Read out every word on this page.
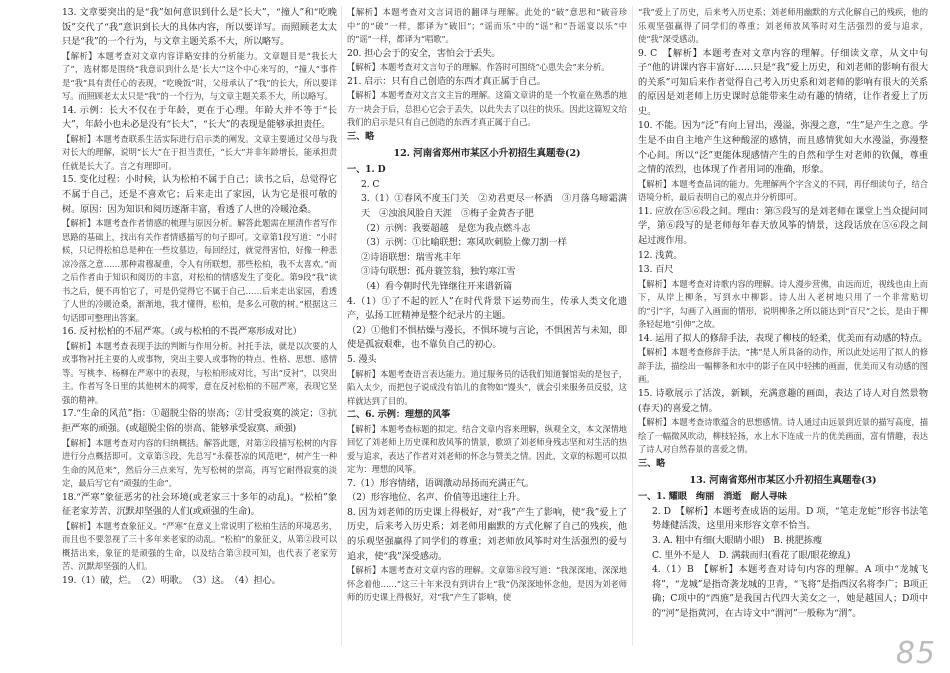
13. 文章要突出的是“我”如何意识到什么是“长大”，“撞人”和“吃晚饭”交代了“我”意识到长大的具体内容，所以要详写。而照顾老太太只是“我”的一个行为，与文章主题关系不大，所以略写。

【解析】本题考查对文章内容详略安排的分析能力。文章题目是“我长大了”，选材都是围绕“我意识到什么是‘长大’”这个中心来写的，“撞人”事件是“我”具有责任心的表现，“吃晚饭”时，父母承认了“我”的长大，所以要详写。而照顾老太太只是“我”的一个行为，与文章主题关系不大，所以略写。

14. 示例：长大不仅在于年龄，更在于心理。年龄大并不等于“长大”，年龄小也未必是没有“长大”，“长大”的表现是能够承担责任。

【解析】本题考查联系生活实际进行启示类的阐发。文章主要通过父母与我对长大的理解，说明“长大”在于担当责任，“长大”并非年龄增长，能承担责任就是长大了。言之有理即可。

15. 变化过程：小时候，认为松柏不属于自己；读书之后，总觉得它不属于自己，还是不喜欢它；后来走出了家园，认为它是很可敬的树。原因：因为知识和阅历逐渐丰富，看透了人世的冷暖沧桑。

【解析】本题考查作者情感的梳理与原因分析。解答此题需在厘清作者写作思路的基础上，找出有关作者情感描写的句子即可。文章第1段写道：“小时候，只记得松柏总是种在一些坟墓边，每回经过，就觉得害怕，好像一种悲凉冷落之意……那种肃穆凝重，令人有所联想，那些松柏，我不太喜欢。”而之后作者由于知识和阅历的丰富，对松柏的情感发生了变化。第9段“我”读书之后，便不再怕它了，可是仍觉得它不属于自己……后来走出家园，看透了人世的冷暖沧桑，渐渐地，我才懂得，松柏，是多么可敬的树。”根据这三句话即可整理出答案。

16. 反衬松柏的不屈严寒。（或与松柏的不畏严寒形成对比）

【解析】本题考查表现手法的判断与作用分析。衬托手法，就是以次要的人或事物衬托主要的人或事物，突出主要人或事物的特点、性格、思想、感情等。写桃李、杨柳在严寒中的表现，与松柏形成对比，写出“反衬”，以突出主。作者写冬日里的其他树木的凋零，意在反衬松柏的不屈严寒，表现它坚强的精神。

17.“生命的风范”指：①超脱尘俗的崇高；②甘受寂寞的淡定；③抗拒严寒的顽强。(或超脱尘俗的崇高、能够承受寂寞、顽强)

【解析】本题考查对内容的归纳概括。解答此题，对第②段描写松树的内容进行分点概括即可。文章第⑤段，先总写“永葆苍凉的风范吧”，树产生一种生命的风范来”，然后分三点来写，先写松树的崇高，再写它耐得寂寞的淡定，最后写它有“顽强的生命”。

18.“严寒”象征恶劣的社会环境(或老家三十多年的动乱)。“松柏”象征老家芳苦、沉默却坚强的人们(或顽强的生命)。

【解析】本题考查象征义。“严寒”在意义上常说明了松柏生活的环境恶劣，而且也不要忽视了三十多年来老家的动乱。“松柏”的象征义，从第②段可以概括出来，象征的是顽强的生命，以及结合第③段可知，也代表了老家劳苦、沉默却坚强的人们。

19.（1）破，烂。　（2）明歌。　（3）这。　（4）担心。

【解析】本题考查对文言词语的翻译与理解。此处的“破”意思和“破音珍中”的“破”一样，都译为“破旧”；“谣而乐”中的“谣”和“吾谣宴以乐”中的“谣”一样，都译为“唱歌”。

20. 担心会于的安全，害怕会于丢失。

【解析】本题考查对文言句子的理解。作答时可围绕“心患失会”来分析。

21. 启示：只有自己创造的东西才真正属于自己。

【解析】本题考查对文言文主旨的理解。这篇文章讲的是一个牧童在熟悉的地方一块会于后，总担心它会于丢失，以此失去了以往的快乐。因此这篇短文给我们的启示是只有自己创造的东西才真正属于自己。

三、略

12. 河南省郑州市某区小升初招生真题卷(2)

一、1. D

2. C

3.（1）①春风不度玉门关　②劝君更尽一杯酒　③月落乌啼霜满天　④浊浪风脸自天涯　⑤梅子金黄杏子肥

（2）示例：我要超越　是您为我点燃斗志

（3）示例：①比喻联想；寒风吹刺脸上像刀割一样

②诗语联想：瑞雪兆丰年

③诗句联想：孤舟蓑笠翁，独钓寒江雪

（4）看今朝时代先锋继往开来谱新篇

4.（1）①了不起的匠人”在时代背景下运势而生，传承人类文化遗产，弘扬工匠精神是整个纪录片的主题。

（2）①他们不惧枯燥与漫长，不惧环境与言论，不惧困苦与未知，即使是孤寂艰难，也不靠负自己的初心。

5. 漫头

【解析】本题考查语言表达能力。道过服务员的话我们知道餐馆卖的是包子，陷入太少，而把包子说成没有馅儿的食物如“馒头”，就会引来服务员反驳，这样就达到了目的。

二、6. 示例：理想的风筝

【解析】本题考查标题的拟定。结合文章内容来理解，纵观全文，本文深情地回忆了刘老师上历史课和放风筝的情景，歌颂了刘老师身残志坚和对生活的热爱与追求，表达了作者对刘老师的怀念与赞美之情。因此，文章的标题可以拟定为：理想的风筝。

7.（1）形容情绪，语调激动昂扬而充满正气。

（2）形容地位、名声、价值等迅速往上升。

8. 因为刘老师的历史课上得极好，对“我”产生了影响，使“我”爱上了历史，后来考入历史系；刘老师用幽默的方式化解了自己的残疾，他的乐观坚强赢得了同学们的尊重；刘老师放风筝时对生活强烈的爱与追求，使“我”深受感动。

【解析】本题考查对文章内容的理解。文章第⑧段写道：“我深深地，深深地怀念着他……”这三十年来没有到讲台上“我”仍深深地怀念他，是因为刘老师师的历史课上得极好，对“我”产生了影响，使

“我”爱上了历史，后来考入历史系；刘老师用幽默的方式化解自己的残疾，他的乐观坚强赢得了同学们的尊重；刘老师放风筝时对生活强烈的爱与追求，使“我”深受感动。

9. C　【解析】本题考查对文章内容的理解。仔细读文章，从文中句子“他的讲课内容丰富好……只是“我”爱上历史，和刘老师的影响有很大的关系”可知后来作者觉得自己考入历史系和刘老师的影响有很大的关系的原因是刘老师上历史课时总能带来生动有趣的情绪，让作者爱上了历史。

10. 不能。因为“泛”有向上冒出，漫溢，弥漫之意，“生”是产生之意。学生是不由自主地产生这种酸涩的感情，而且感情犹如大水漫溢，弥漫整个心间。所以“泛”更能体现感情产生的自然和学生对老师的钦佩，尊重之情的浓烈，也体现了作者用词的准确，形象。

【解析】本题考查品词的能力。先理解两个字含义的不同，再仔细读句子，结合语境分析，最后表明自己的观点并分析即可。

11. 应放在⑤⑥段之间。理由：第⑤段写的是刘老师在课堂上当众提问同学，第⑥段写的是老师每年春天放风筝的情景，这段话放在⑤⑥段之间起过渡作用。

12. 浅黄。

13. 百尺

【解析】本题考查对诗歌内容的理解。诗人漫步营佛，由远而近，视线也由上而下，从岸上柳条，写到水中柳影。诗人出入老树地只用了一个非常贴切的“引”字，勾画了入画面的情形，说明柳条之所以能达到“百尺”之长，是由于柳条轻起地“引伸”之故。

14. 运用了拟人的修辞手法，表现了柳枝的轻柔，优美而有动感的特点。

【解析】本题考查修辞手法。“拂”是人所具备的动作，所以此处运用了拟人的修辞手法，描绘出一幅柳条和水中的影子在风中轻拂的画面，优美而又有动感的图画。

15. 诗歌展示了活泼，新颖，充满意趣的画面，表达了诗人对自然景物(春天)的喜爱之情。

【解析】本题考查诗歌蕴含的思想感情。诗人通过由远景到近景的描写高度，描绘了一幅微风吹动，柳枝轻扬，水上水下连成一片的优美画面，富有情趣，表达了诗人对自然春景的喜爱之情。

三、略

13. 河南省郑州市某区小升初招生真题卷(3)

一、1. 耀眼　绚丽　消逝　耐人寻味

2. D　【解析】本题考查成语的运用。D 项，“笔走龙蛇”形容书法笔势雄健活泼，这里用来形容文章不恰当。

3. A. 粗中有细(大眼睛小眼)　B. 挑肥拣瘦

C. 里外不是人　D. 满载而归(看花了眼/眼花缭乱)

4.（1）B　【解析】本题考查对诗句内容的理解。A 项中“龙城飞将”，“龙城”是指奇袭龙城的卫青，“飞将”是指西汉名将李广；B项正确；C项中的“西施”是我国古代四大美女之一，她是越国人；D项中的“河”是指黄河，在古诗文中“渭河”一般称为“渭”。

85
